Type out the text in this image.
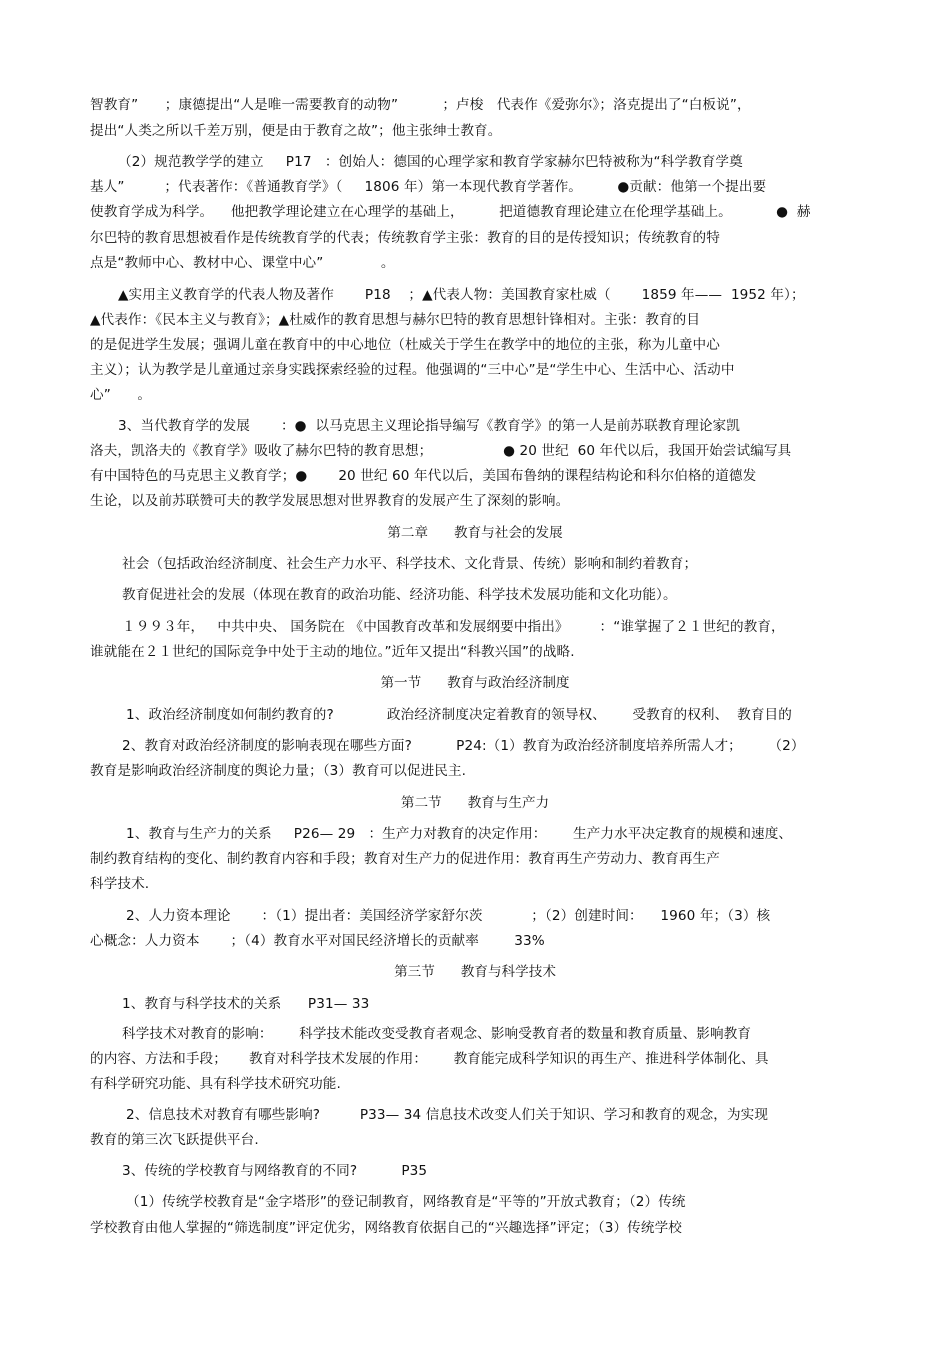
智教育”      ；康德提出“人是唯一需要教育的动物”          ；卢梭   代表作《爱弥尔》；洛克提出了“白板说”，
提出“人类之所以千差万别，便是由于教育之故”；他主张绅士教育。
（2）规范教学学的建立     P17   ：创始人：德国的心理学家和教育学家赫尔巴特被称为“科学教育学奠
基人”         ；代表著作：《普通教育学》（     1806 年）第一本现代教育学著作。        ●贡献：他第一个提出要
使教育学成为科学。    他把教学理论建立在心理学的基础上，        把道德教育理论建立在伦理学基础上。          ●  赫
尔巴特的教育思想被看作是传统教育学的代表；传统教育学主张：教育的目的是传授知识；传统教育的特
点是“教师中心、教材中心、课堂中心”             。
▲实用主义教育学的代表人物及著作       P18    ；▲代表人物：美国教育家杜威（       1859 年——  1952 年）；
▲代表作：《民本主义与教育》；▲杜威作的教育思想与赫尔巴特的教育思想针锋相对。主张：教育的目
的是促进学生发展；强调儿童在教育中的中心地位（杜威关于学生在教学中的地位的主张，称为儿童中心
主义）；认为教学是儿童通过亲身实践探索经验的过程。他强调的“三中心”是“学生中心、生活中心、活动中
心”      。
3、当代教育学的发展       ：●  以马克思主义理论指导编写《教育学》的第一人是前苏联教育理论家凯
洛夫，凯洛夫的《教育学》吸收了赫尔巴特的教育思想；                ● 20 世纪  60 年代以后，我国开始尝试编写具
有中国特色的马克思主义教育学；●       20 世纪 60 年代以后，美国布鲁纳的课程结构论和科尔伯格的道德发
生论，以及前苏联赞可夫的教学发展思想对世界教育的发展产生了深刻的影响。
第二章      教育与社会的发展
社会（包括政治经济制度、社会生产力水平、科学技术、文化背景、传统）影响和制约着教育；
教育促进社会的发展（体现在教育的政治功能、经济功能、科学技术发展功能和文化功能）。
１９９３年，   中共中央、 国务院在 《中国教育改革和发展纲要中指出》       ：“谁掌握了２１世纪的教育，
谁就能在２１世纪的国际竞争中处于主动的地位。”近年又提出“科教兴国”的战略.
第一节      教育与政治经济制度
1、政治经济制度如何制约教育的?            政治经济制度决定着教育的领导权、      受教育的权利、  教育目的
2、教育对政治经济制度的影响表现在哪些方面?          P24:（1）教育为政治经济制度培养所需人才；      （2）
教育是影响政治经济制度的舆论力量；（3）教育可以促进民主.
第二节      教育与生产力
1、教育与生产力的关系     P26— 29   ：生产力对教育的决定作用：      生产力水平决定教育的规模和速度、
制约教育结构的变化、制约教育内容和手段；教育对生产力的促进作用：教育再生产劳动力、教育再生产
科学技术.
2、人力资本理论       ：（1）提出者：美国经济学家舒尔茨           ；（2）创建时间：    1960 年；（3）核
心概念：人力资本       ；（4）教育水平对国民经济增长的贡献率        33%
第三节      教育与科学技术
1、教育与科学技术的关系      P31— 33
科学技术对教育的影响：      科学技术能改变受教育者观念、影响受教育者的数量和教育质量、影响教育
的内容、方法和手段；     教育对科学技术发展的作用：      教育能完成科学知识的再生产、推进科学体制化、具
有科学研究功能、具有科学技术研究功能.
2、信息技术对教育有哪些影响?         P33— 34 信息技术改变人们关于知识、学习和教育的观念，为实现
教育的第三次飞跃提供平台.
3、传统的学校教育与网络教育的不同?          P35
（1）传统学校教育是“金字塔形”的登记制教育，网络教育是“平等的”开放式教育；（2）传统
学校教育由他人掌握的“筛选制度”评定优劣，网络教育依据自己的“兴趣选择”评定；（3）传统学校
